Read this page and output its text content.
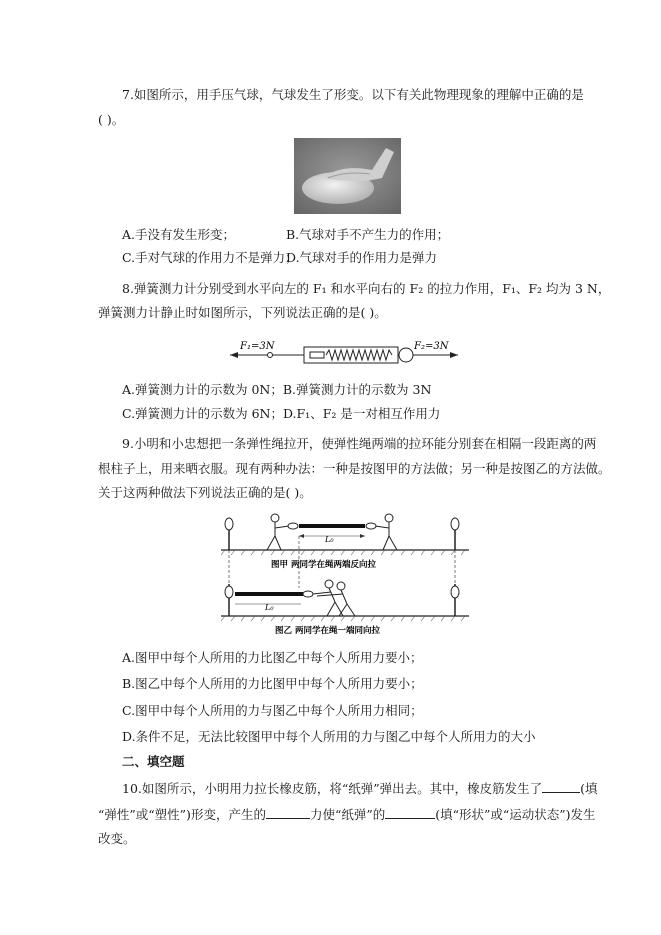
7.如图所示，用手压气球，气球发生了形变。以下有关此物理现象的理解中正确的是
( )。
A.手没有发生形变；	B.气球对手不产生力的作用；
C.手对气球的作用力不是弹力；
D.气球对手的作用力是弹力
8.弹簧测力计分别受到水平向左的 F₁ 和水平向右的 F₂ 的拉力作用，F₁、F₂ 均为 3 N，
弹簧测力计静止时如图所示，下列说法正确的是( )。
F₁=3N	F₂=3N
A.弹簧测力计的示数为 0N；B.弹簧测力计的示数为 3N
C.弹簧测力计的示数为 6N；D.F₁、F₂ 是一对相互作用力
9.小明和小忠想把一条弹性绳拉开，使弹性绳两端的拉环能分别套在相隔一段距离的两
根柱子上，用来晒衣服。现有两种办法：一种是按图甲的方法做；另一种是按图乙的方法做。
关于这两种做法下列说法正确的是( )。
L₀
图甲 两同学在绳两端反向拉
L₀
图乙 两同学在绳一端同向拉
A.图甲中每个人所用的力比图乙中每个人所用力要小；
B.图乙中每个人所用的力比图甲中每个人所用力要小；
C.图甲中每个人所用的力与图乙中每个人所用力相同；
D.条件不足，无法比较图甲中每个人所用的力与图乙中每个人所用力的大小
二、填空题
10.如图所示，小明用力拉长橡皮筋，将“纸弹”弹出去。其中，橡皮筋发生了	(填
“弹性”或“塑性”)形变，产生的	力使“纸弹”的	(填“形状”或“运动状态”)发生
改变。
